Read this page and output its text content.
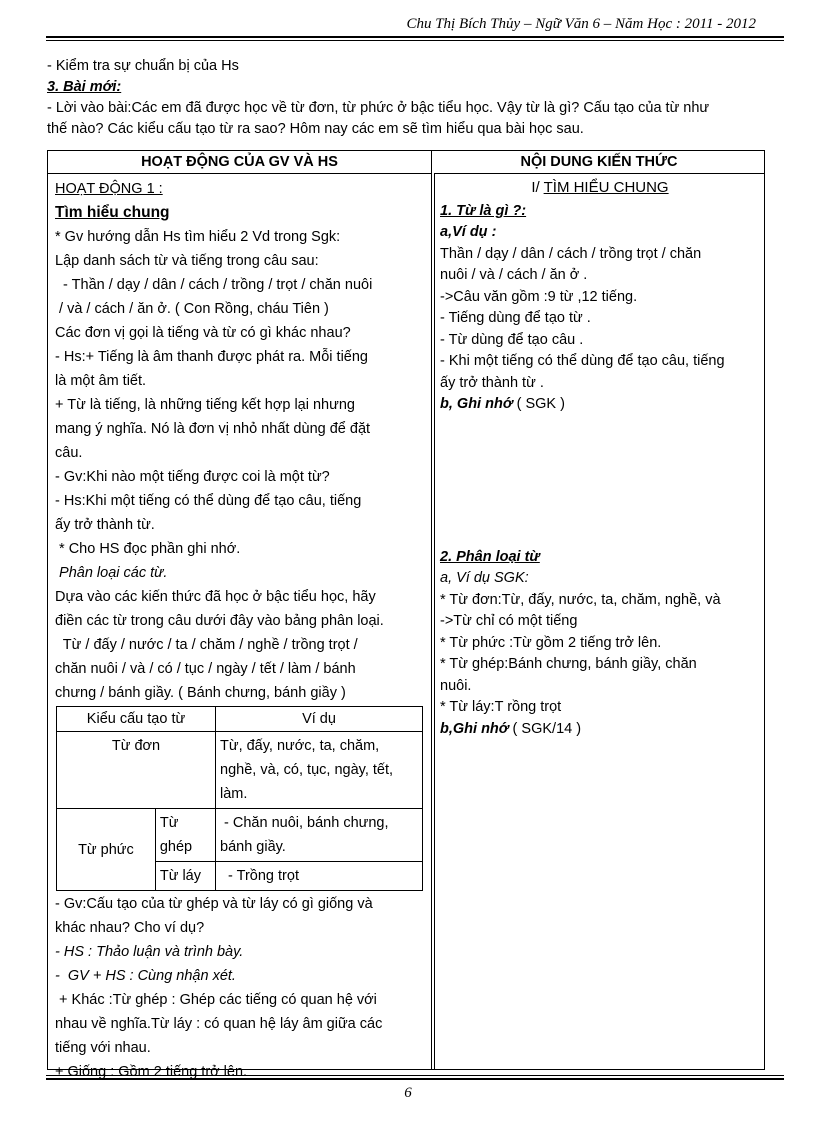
Chu Thị Bích Thủy – Ngữ Văn 6 – Năm Học : 2011 - 2012

- Kiểm tra sự chuẩn bị của Hs

3. Bài mới:

- Lời vào bài:Các em đã được học về từ đơn, từ phức ở bậc tiểu học. Vậy từ là gì? Cấu tạo của từ như

thế nào? Các kiểu cấu tạo từ ra sao? Hôm nay các em sẽ tìm hiểu qua bài học sau.

HOẠT ĐỘNG CỦA GV VÀ HS	NỘI DUNG KIẾN THỨC

HOẠT ĐỘNG 1 :

Tìm hiểu chung

* Gv hướng dẫn Hs tìm hiểu 2 Vd trong Sgk:

Lập danh sách từ và tiếng trong câu sau:

- Thần / dạy / dân / cách / trồng / trọt / chăn nuôi

/ và / cách / ăn ở. ( Con Rồng, cháu Tiên )

Các đơn vị gọi là tiếng và từ có gì khác nhau?

- Hs:+ Tiếng là âm thanh được phát ra. Mỗi tiếng

là một âm tiết.

+ Từ là tiếng, là những tiếng kết hợp lại nhưng

mang ý nghĩa. Nó là đơn vị nhỏ nhất dùng để đặt

câu.

- Gv:Khi nào một tiếng được coi là một từ?

- Hs:Khi một tiếng có thể dùng để tạo câu, tiếng

ấy trở thành từ.

* Cho HS đọc phần ghi nhớ.

Phân loại các từ.

Dựa vào các kiến thức đã học ở bậc tiểu học, hãy

điền các từ trong câu dưới đây vào bảng phân loại.

Từ / đấy / nước / ta / chăm / nghề / trồng trọt /

chăn nuôi / và / có / tục / ngày / tết / làm / bánh

chưng / bánh giầy. ( Bánh chưng, bánh giầy )

Kiểu cấu tạo từ		Ví dụ
Từ đơn		Từ, đấy, nước, ta, chăm, nghề, và, có, tục, ngày, tết, làm.
Từ phức	Từ ghép	- Chăn nuôi, bánh chưng, bánh giầy.
	Từ láy	- Trồng trọt

- Gv:Cấu tạo của từ ghép và từ láy có gì giống và

khác nhau? Cho ví dụ?

- HS : Thảo luận và trình bày.

-  GV + HS : Cùng nhận xét.

+ Khác :Từ ghép : Ghép các tiếng có quan hệ với

nhau về nghĩa.Từ láy : có quan hệ láy âm giữa các

tiếng với nhau.

+ Giống : Gồm 2 tiếng trở lên.

I/ TÌM HIỂU CHUNG

1. Từ là gì ?:

a,Ví dụ :

Thần / dạy / dân / cách / trồng trọt / chăn

nuôi / và / cách / ăn ở .

->Câu văn gồm :9 từ ,12 tiếng.

- Tiếng dùng để tạo từ .

- Từ dùng để tạo câu .

- Khi một tiếng có thể dùng để tạo câu, tiếng

ấy trở thành từ .

b, Ghi nhớ ( SGK )

2. Phân loại từ

a, Ví dụ SGK:

* Từ đơn:Từ, đấy, nước, ta, chăm, nghề, và

->Từ chỉ có một tiếng

* Từ phức :Từ gồm 2 tiếng trở lên.

* Từ ghép:Bánh chưng, bánh giầy, chăn

nuôi.

* Từ láy:T rồng trọt

b,Ghi nhớ ( SGK/14 )

6
